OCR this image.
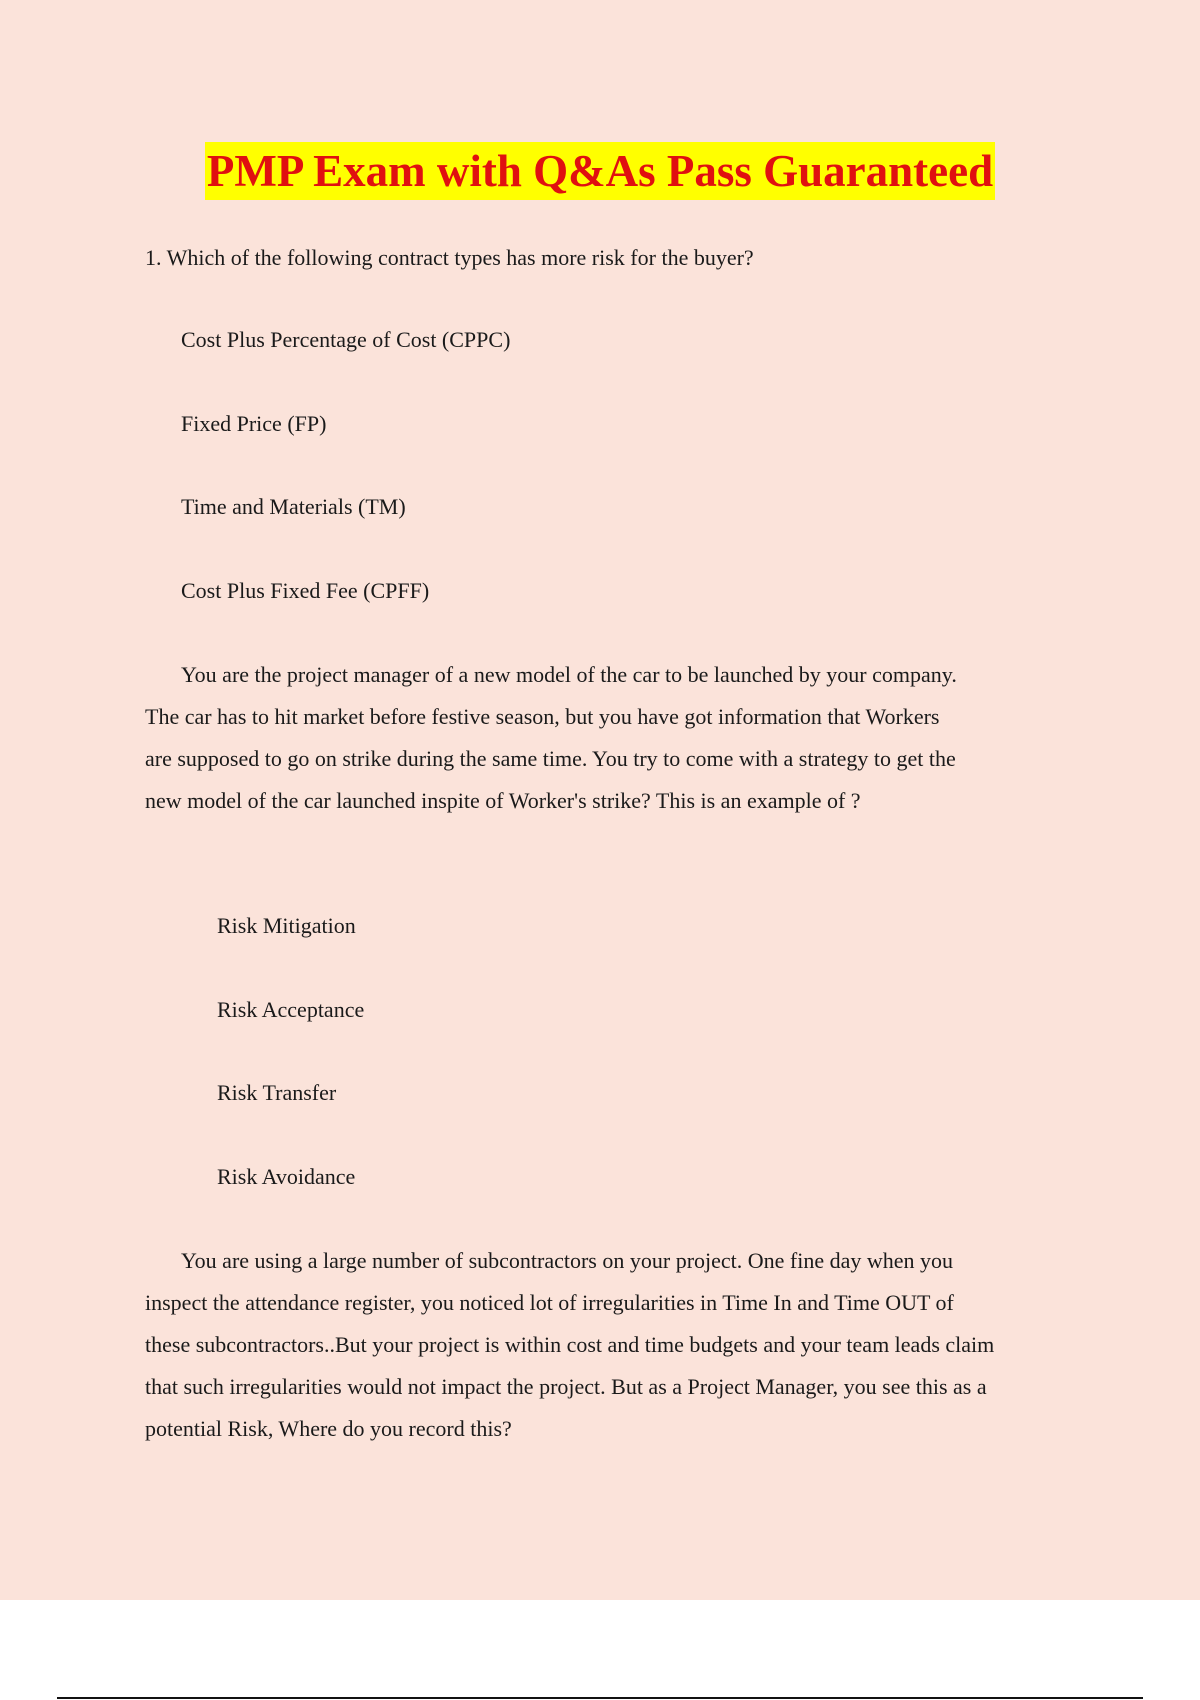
PMP Exam with Q&As Pass Guaranteed
1. Which of the following contract types has more risk for the buyer?
Cost Plus Percentage of Cost (CPPC)
Fixed Price (FP)
Time and Materials (TM)
Cost Plus Fixed Fee (CPFF)
You are the project manager of a new model of the car to be launched by your company.
The car has to hit market before festive season, but you have got information that Workers
are supposed to go on strike during the same time. You try to come with a strategy to get the
new model of the car launched inspite of Worker's strike? This is an example of ?
Risk Mitigation
Risk Acceptance
Risk Transfer
Risk Avoidance
You are using a large number of subcontractors on your project. One fine day when you
inspect the attendance register, you noticed lot of irregularities in Time In and Time OUT of
these subcontractors..But your project is within cost and time budgets and your team leads claim
that such irregularities would not impact the project. But as a Project Manager, you see this as a
potential Risk, Where do you record this?
